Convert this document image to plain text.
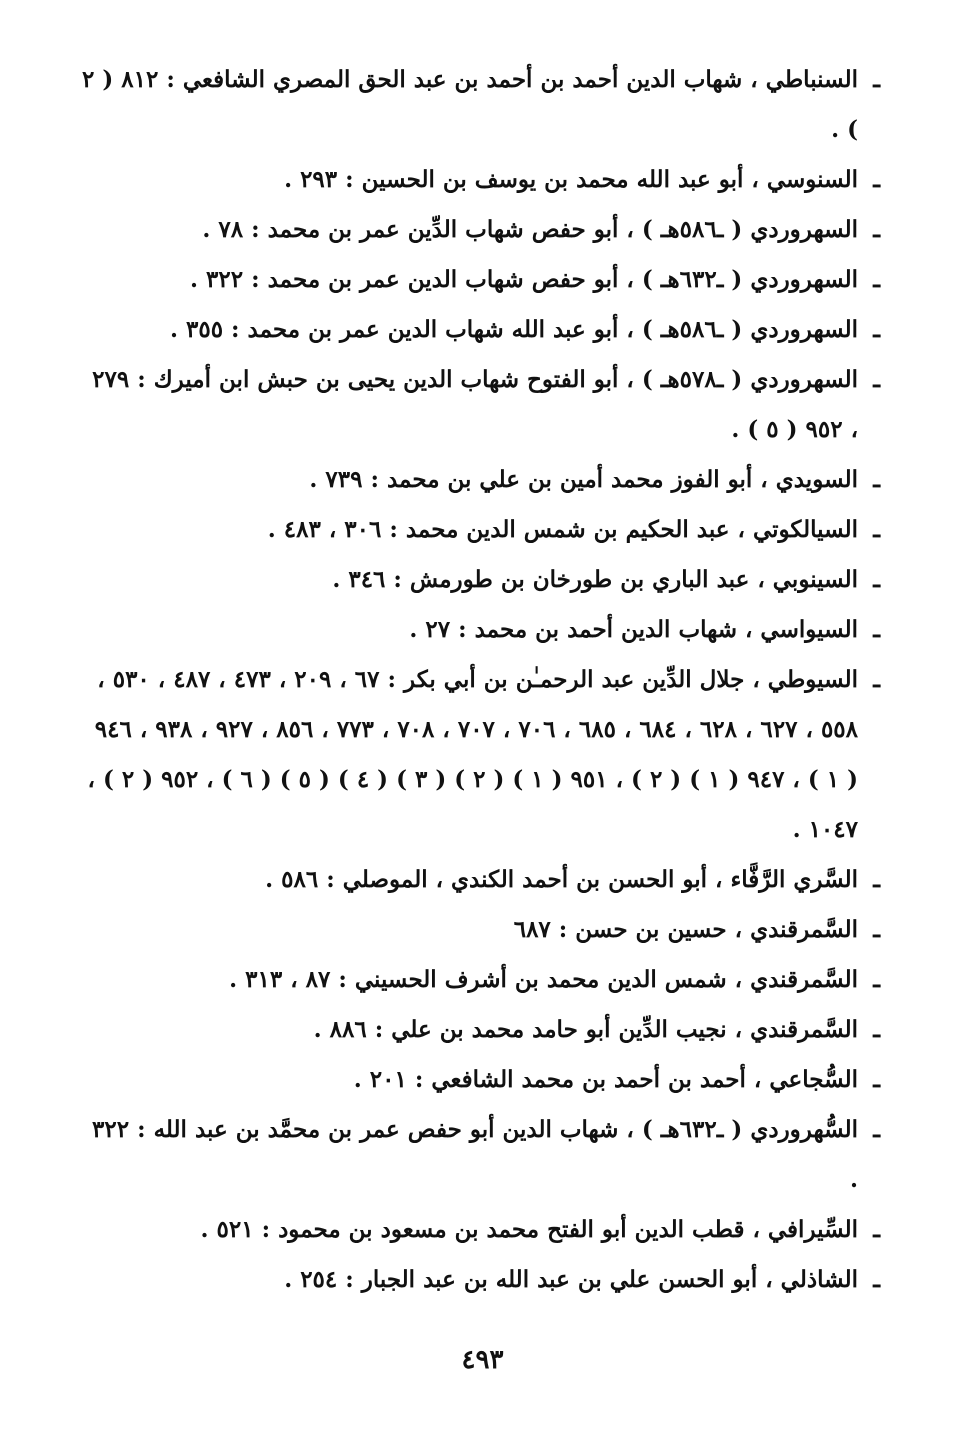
ـ
السنباطي ، شهاب الدين أحمد بن أحمد بن عبد الحق المصري الشافعي : ٨١٢ ( ٢ ) .
ـ
السنوسي ، أبو عبد الله محمد بن يوسف بن الحسين : ٢٩٣ .
ـ
السهروردي ( ـ٥٨٦هـ ) ، أبو حفص شهاب الدِّين عمر بن محمد : ٧٨ .
ـ
السهروردي ( ـ٦٣٢هـ ) ، أبو حفص شهاب الدين عمر بن محمد : ٣٢٢ .
ـ
السهروردي ( ـ٥٨٦هـ ) ، أبو عبد الله شهاب الدين عمر بن محمد : ٣٥٥ .
ـ
السهروردي ( ـ٥٧٨هـ ) ، أبو الفتوح شهاب الدين يحيى بن حبش ابن أميرك : ٢٧٩ ، ٩٥٢ ( ٥ ) .
ـ
السويدي ، أبو الفوز محمد أمين بن علي بن محمد : ٧٣٩ .
ـ
السيالكوتي ، عبد الحكيم بن شمس الدين محمد : ٣٠٦ ، ٤٨٣ .
ـ
السينوبي ، عبد الباري بن طورخان بن طورمش : ٣٤٦ .
ـ
السيواسي ، شهاب الدين أحمد بن محمد : ٢٧ .
ـ
السيوطي ، جلال الدِّين عبد الرحمـٰن بن أبي بكر : ٦٧ ، ٢٠٩ ، ٤٧٣ ، ٤٨٧ ، ٥٣٠ ، ٥٥٨ ، ٦٢٧ ، ٦٢٨ ، ٦٨٤ ، ٦٨٥ ، ٧٠٦ ، ٧٠٧ ، ٧٠٨ ، ٧٧٣ ، ٨٥٦ ، ٩٢٧ ، ٩٣٨ ، ٩٤٦ ( ١ ) ، ٩٤٧ ( ١ ) ( ٢ ) ، ٩٥١ ( ١ ) ( ٢ ) ( ٣ ) ( ٤ ) ( ٥ ) ( ٦ ) ، ٩٥٢ ( ٢ ) ، ١٠٤٧ .
ـ
السَّري الرَّفَّاء ، أبو الحسن بن أحمد الكندي ، الموصلي : ٥٨٦ .
ـ
السَّمرقندي ، حسين بن حسن : ٦٨٧
ـ
السَّمرقندي ، شمس الدين محمد بن أشرف الحسيني : ٨٧ ، ٣١٣ .
ـ
السَّمرقندي ، نجيب الدِّين أبو حامد محمد بن علي : ٨٨٦ .
ـ
السُّجاعي ، أحمد بن أحمد بن محمد الشافعي : ٢٠١ .
ـ
السُّهروردي ( ـ٦٣٢هـ ) ، شهاب الدين أبو حفص عمر بن محمَّد بن عبد الله : ٣٢٢ .
ـ
السِّيرافي ، قطب الدين أبو الفتح محمد بن مسعود بن محمود : ٥٢١ .
ـ
الشاذلي ، أبو الحسن علي بن عبد الله بن عبد الجبار : ٢٥٤ .
٤٩٣
